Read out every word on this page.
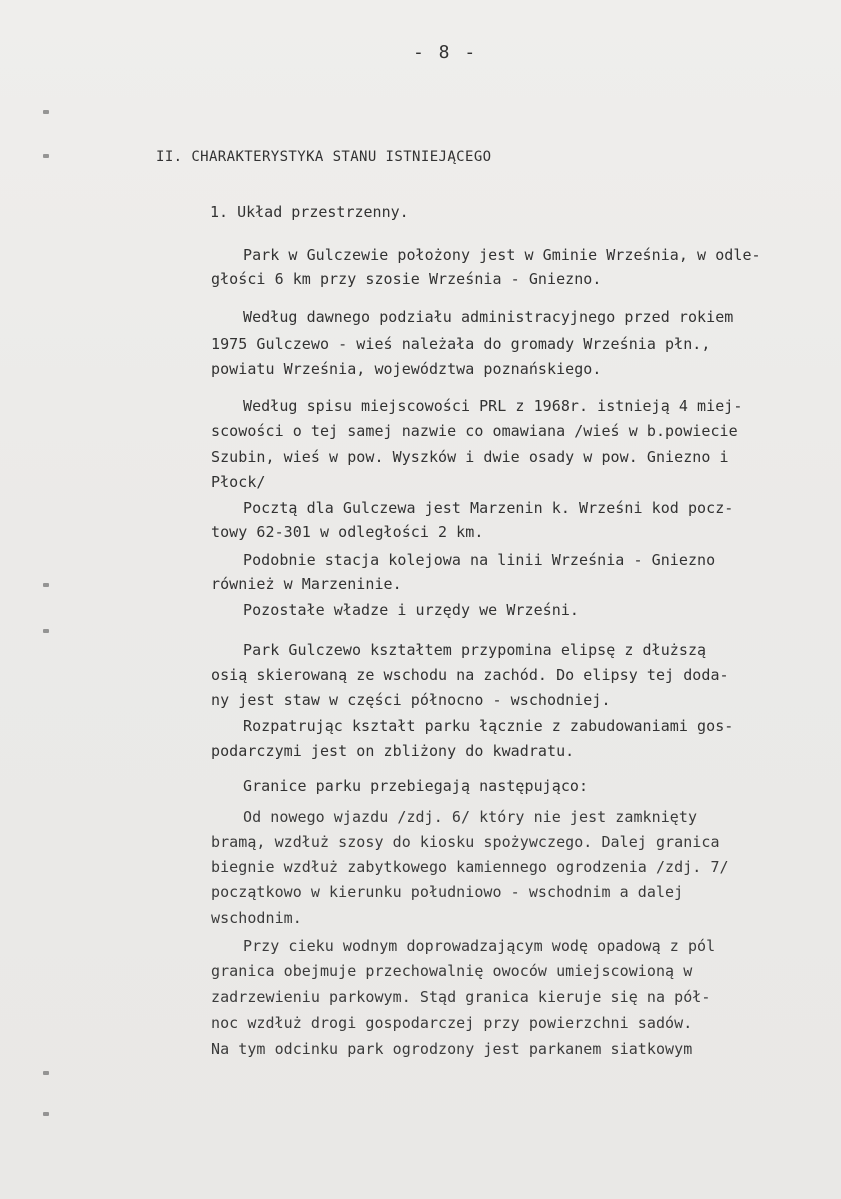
- 8 -
II. CHARAKTERYSTYKA STANU ISTNIEJĄCEGO
1. Układ przestrzenny.
Park w Gulczewie położony jest w Gminie Września, w odle-
głości 6 km przy szosie Września - Gniezno.
Według dawnego podziału administracyjnego przed rokiem
1975 Gulczewo - wieś należała do gromady Września płn.,
powiatu Września, województwa poznańskiego.
Według spisu miejscowości PRL z 1968r. istnieją 4 miej-
scowości o tej samej nazwie co omawiana /wieś w b.powiecie
Szubin, wieś w pow. Wyszków i dwie osady w pow. Gniezno i
Płock/
Pocztą dla Gulczewa jest Marzenin k. Wrześni kod pocz-
towy 62-301 w odległości 2 km.
Podobnie stacja kolejowa na linii Września - Gniezno
również w Marzeninie.
Pozostałe władze i urzędy we Wrześni.
Park Gulczewo kształtem przypomina elipsę z dłuższą
osią skierowaną ze wschodu na zachód. Do elipsy tej doda-
ny jest staw w części północno - wschodniej.
Rozpatrując kształt parku łącznie z zabudowaniami gos-
podarczymi jest on zbliżony do kwadratu.
Granice parku przebiegają następująco:
Od nowego wjazdu /zdj. 6/ który nie jest zamknięty
bramą, wzdłuż szosy do kiosku spożywczego. Dalej granica
biegnie wzdłuż zabytkowego kamiennego ogrodzenia /zdj. 7/
początkowo w kierunku południowo - wschodnim a dalej
wschodnim.
Przy cieku wodnym doprowadzającym wodę opadową z pól
granica obejmuje przechowalnię owoców umiejscowioną w
zadrzewieniu parkowym. Stąd granica kieruje się na pół-
noc wzdłuż drogi gospodarczej przy powierzchni sadów.
Na tym odcinku park ogrodzony jest parkanem siatkowym
